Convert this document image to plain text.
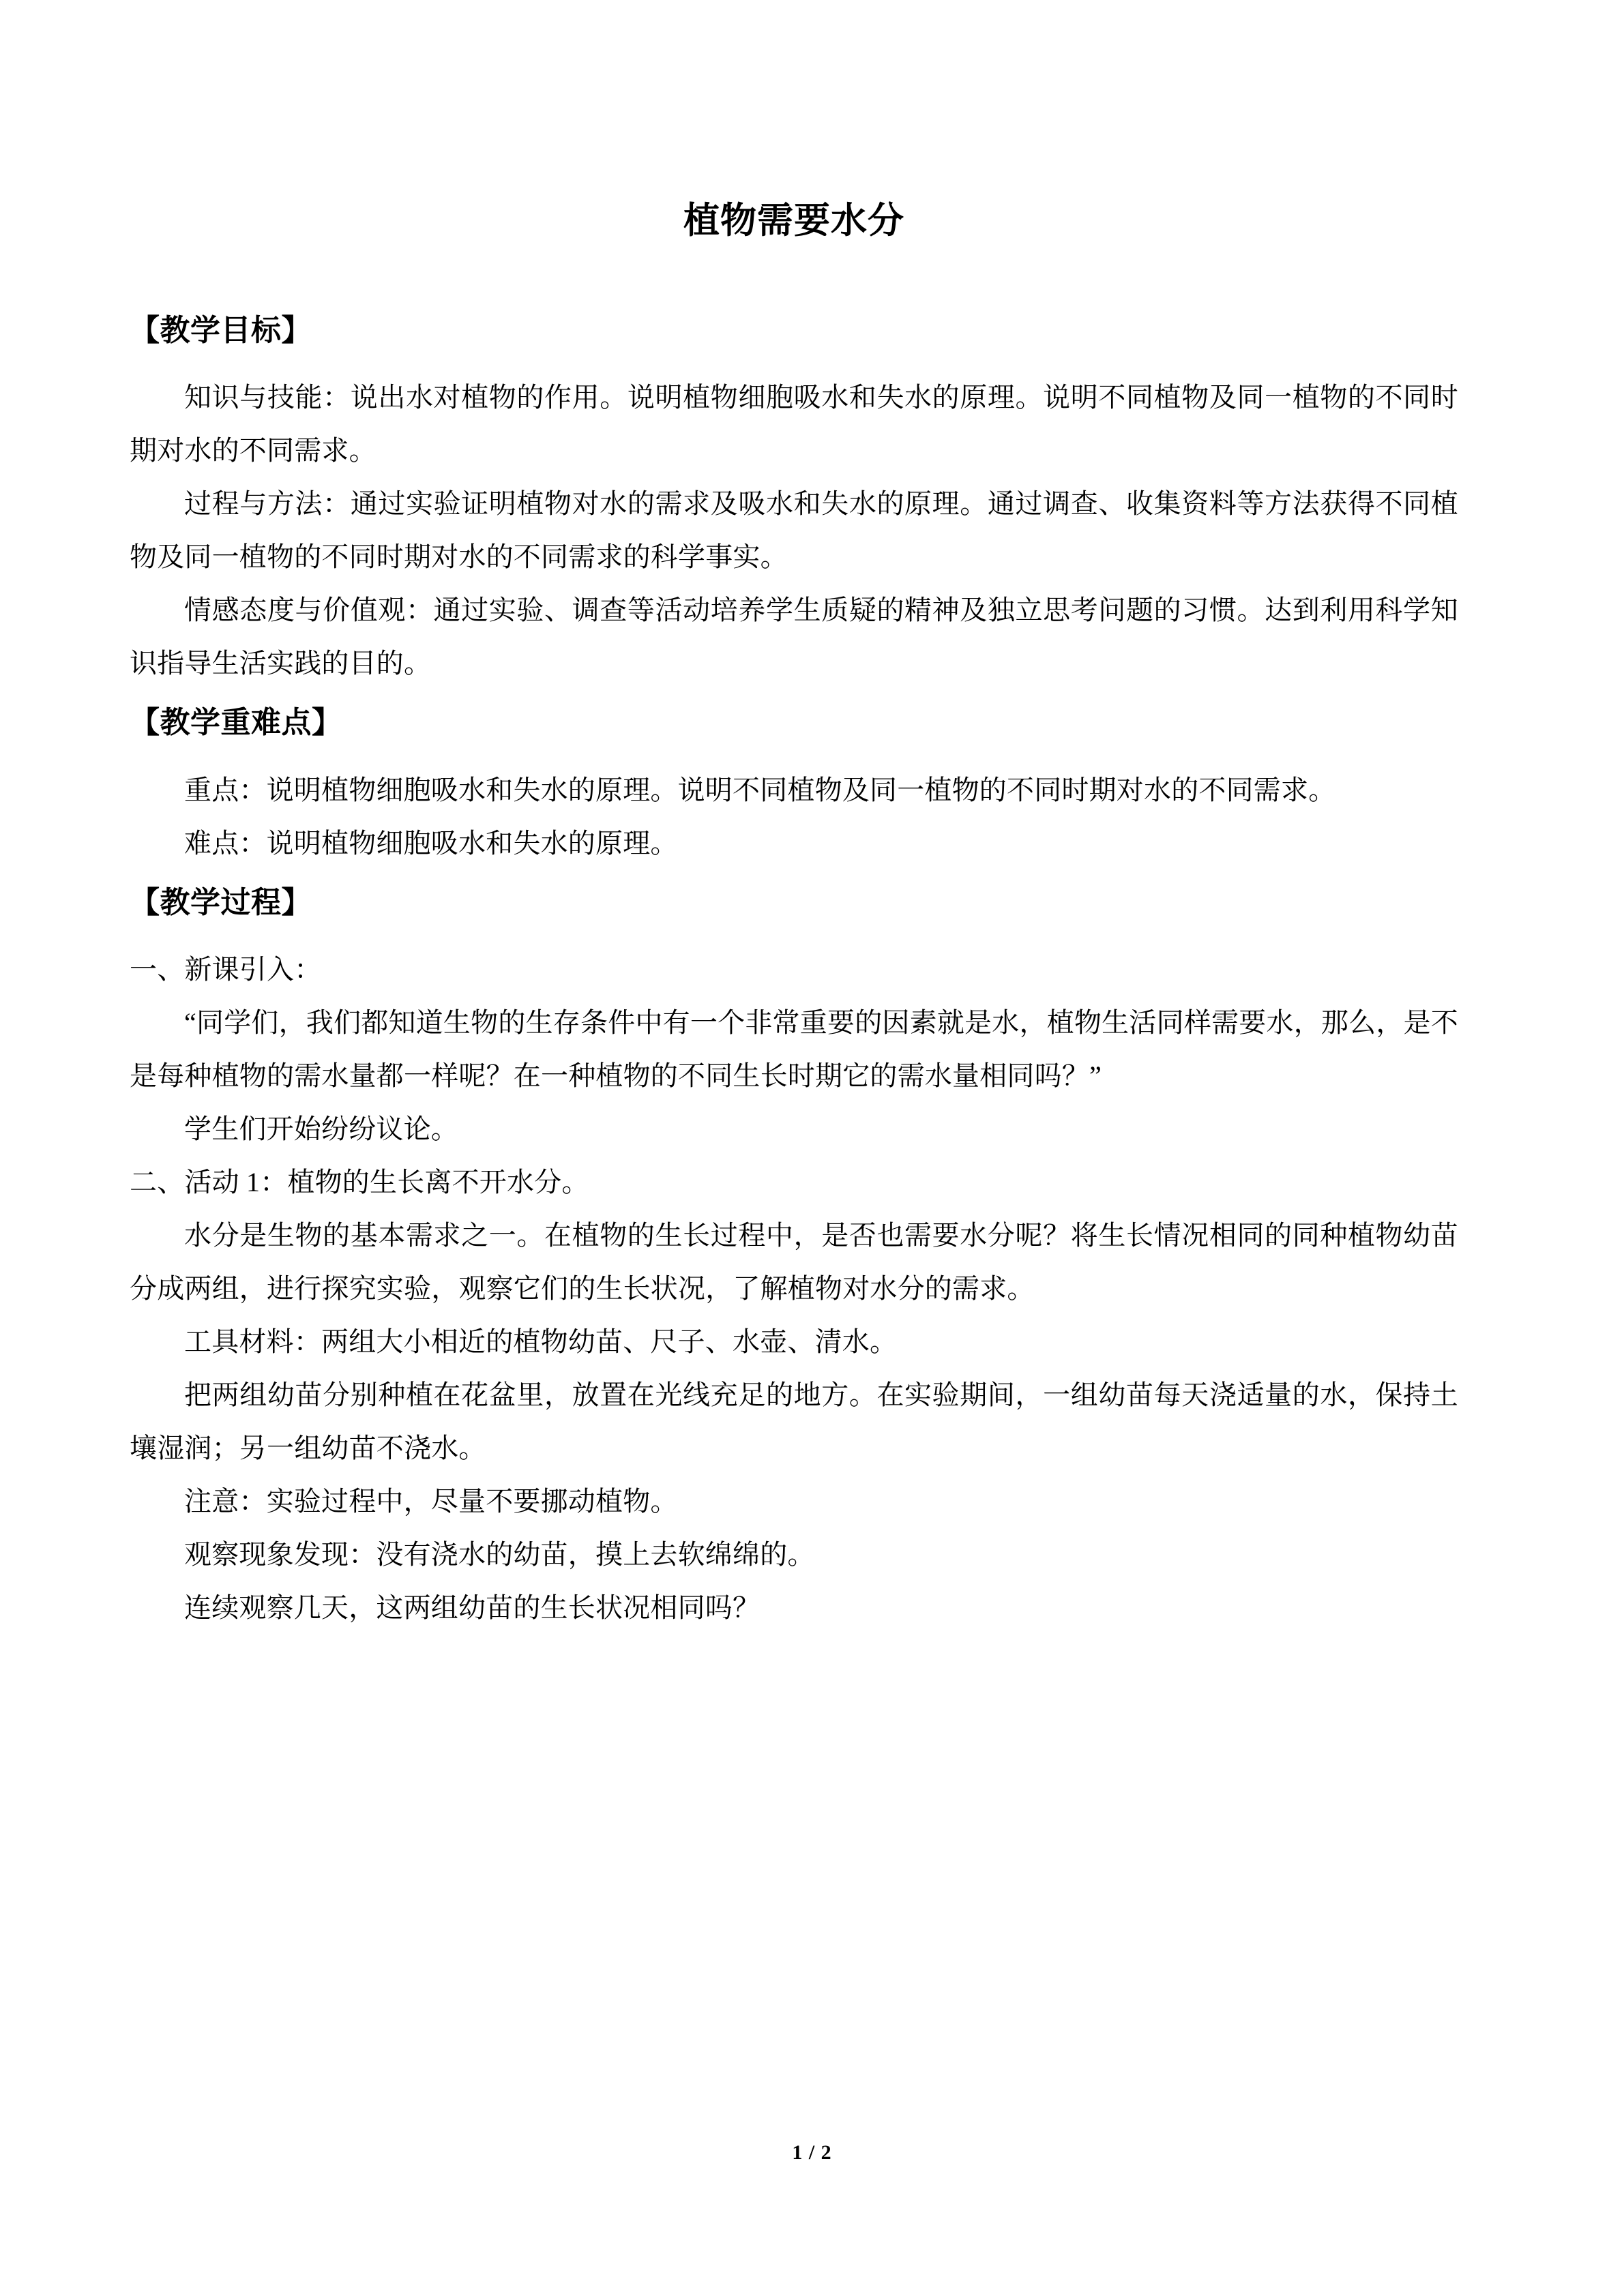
植物需要水分
【教学目标】

知识与技能：说出水对植物的作用。说明植物细胞吸水和失水的原理。说明不同植物及同一植物的不同时期对水的不同需求。

过程与方法：通过实验证明植物对水的需求及吸水和失水的原理。通过调查、收集资料等方法获得不同植物及同一植物的不同时期对水的不同需求的科学事实。

情感态度与价值观：通过实验、调查等活动培养学生质疑的精神及独立思考问题的习惯。达到利用科学知识指导生活实践的目的。

【教学重难点】

重点：说明植物细胞吸水和失水的原理。说明不同植物及同一植物的不同时期对水的不同需求。

难点：说明植物细胞吸水和失水的原理。

【教学过程】

一、新课引入：

“同学们，我们都知道生物的生存条件中有一个非常重要的因素就是水，植物生活同样需要水，那么，是不是每种植物的需水量都一样呢？在一种植物的不同生长时期它的需水量相同吗？”

学生们开始纷纷议论。

二、活动 1：植物的生长离不开水分。

水分是生物的基本需求之一。在植物的生长过程中，是否也需要水分呢？将生长情况相同的同种植物幼苗分成两组，进行探究实验，观察它们的生长状况，了解植物对水分的需求。

工具材料：两组大小相近的植物幼苗、尺子、水壶、清水。

把两组幼苗分别种植在花盆里，放置在光线充足的地方。在实验期间，一组幼苗每天浇适量的水，保持土壤湿润；另一组幼苗不浇水。

注意：实验过程中，尽量不要挪动植物。

观察现象发现：没有浇水的幼苗，摸上去软绵绵的。

连续观察几天，这两组幼苗的生长状况相同吗？

1 / 2
